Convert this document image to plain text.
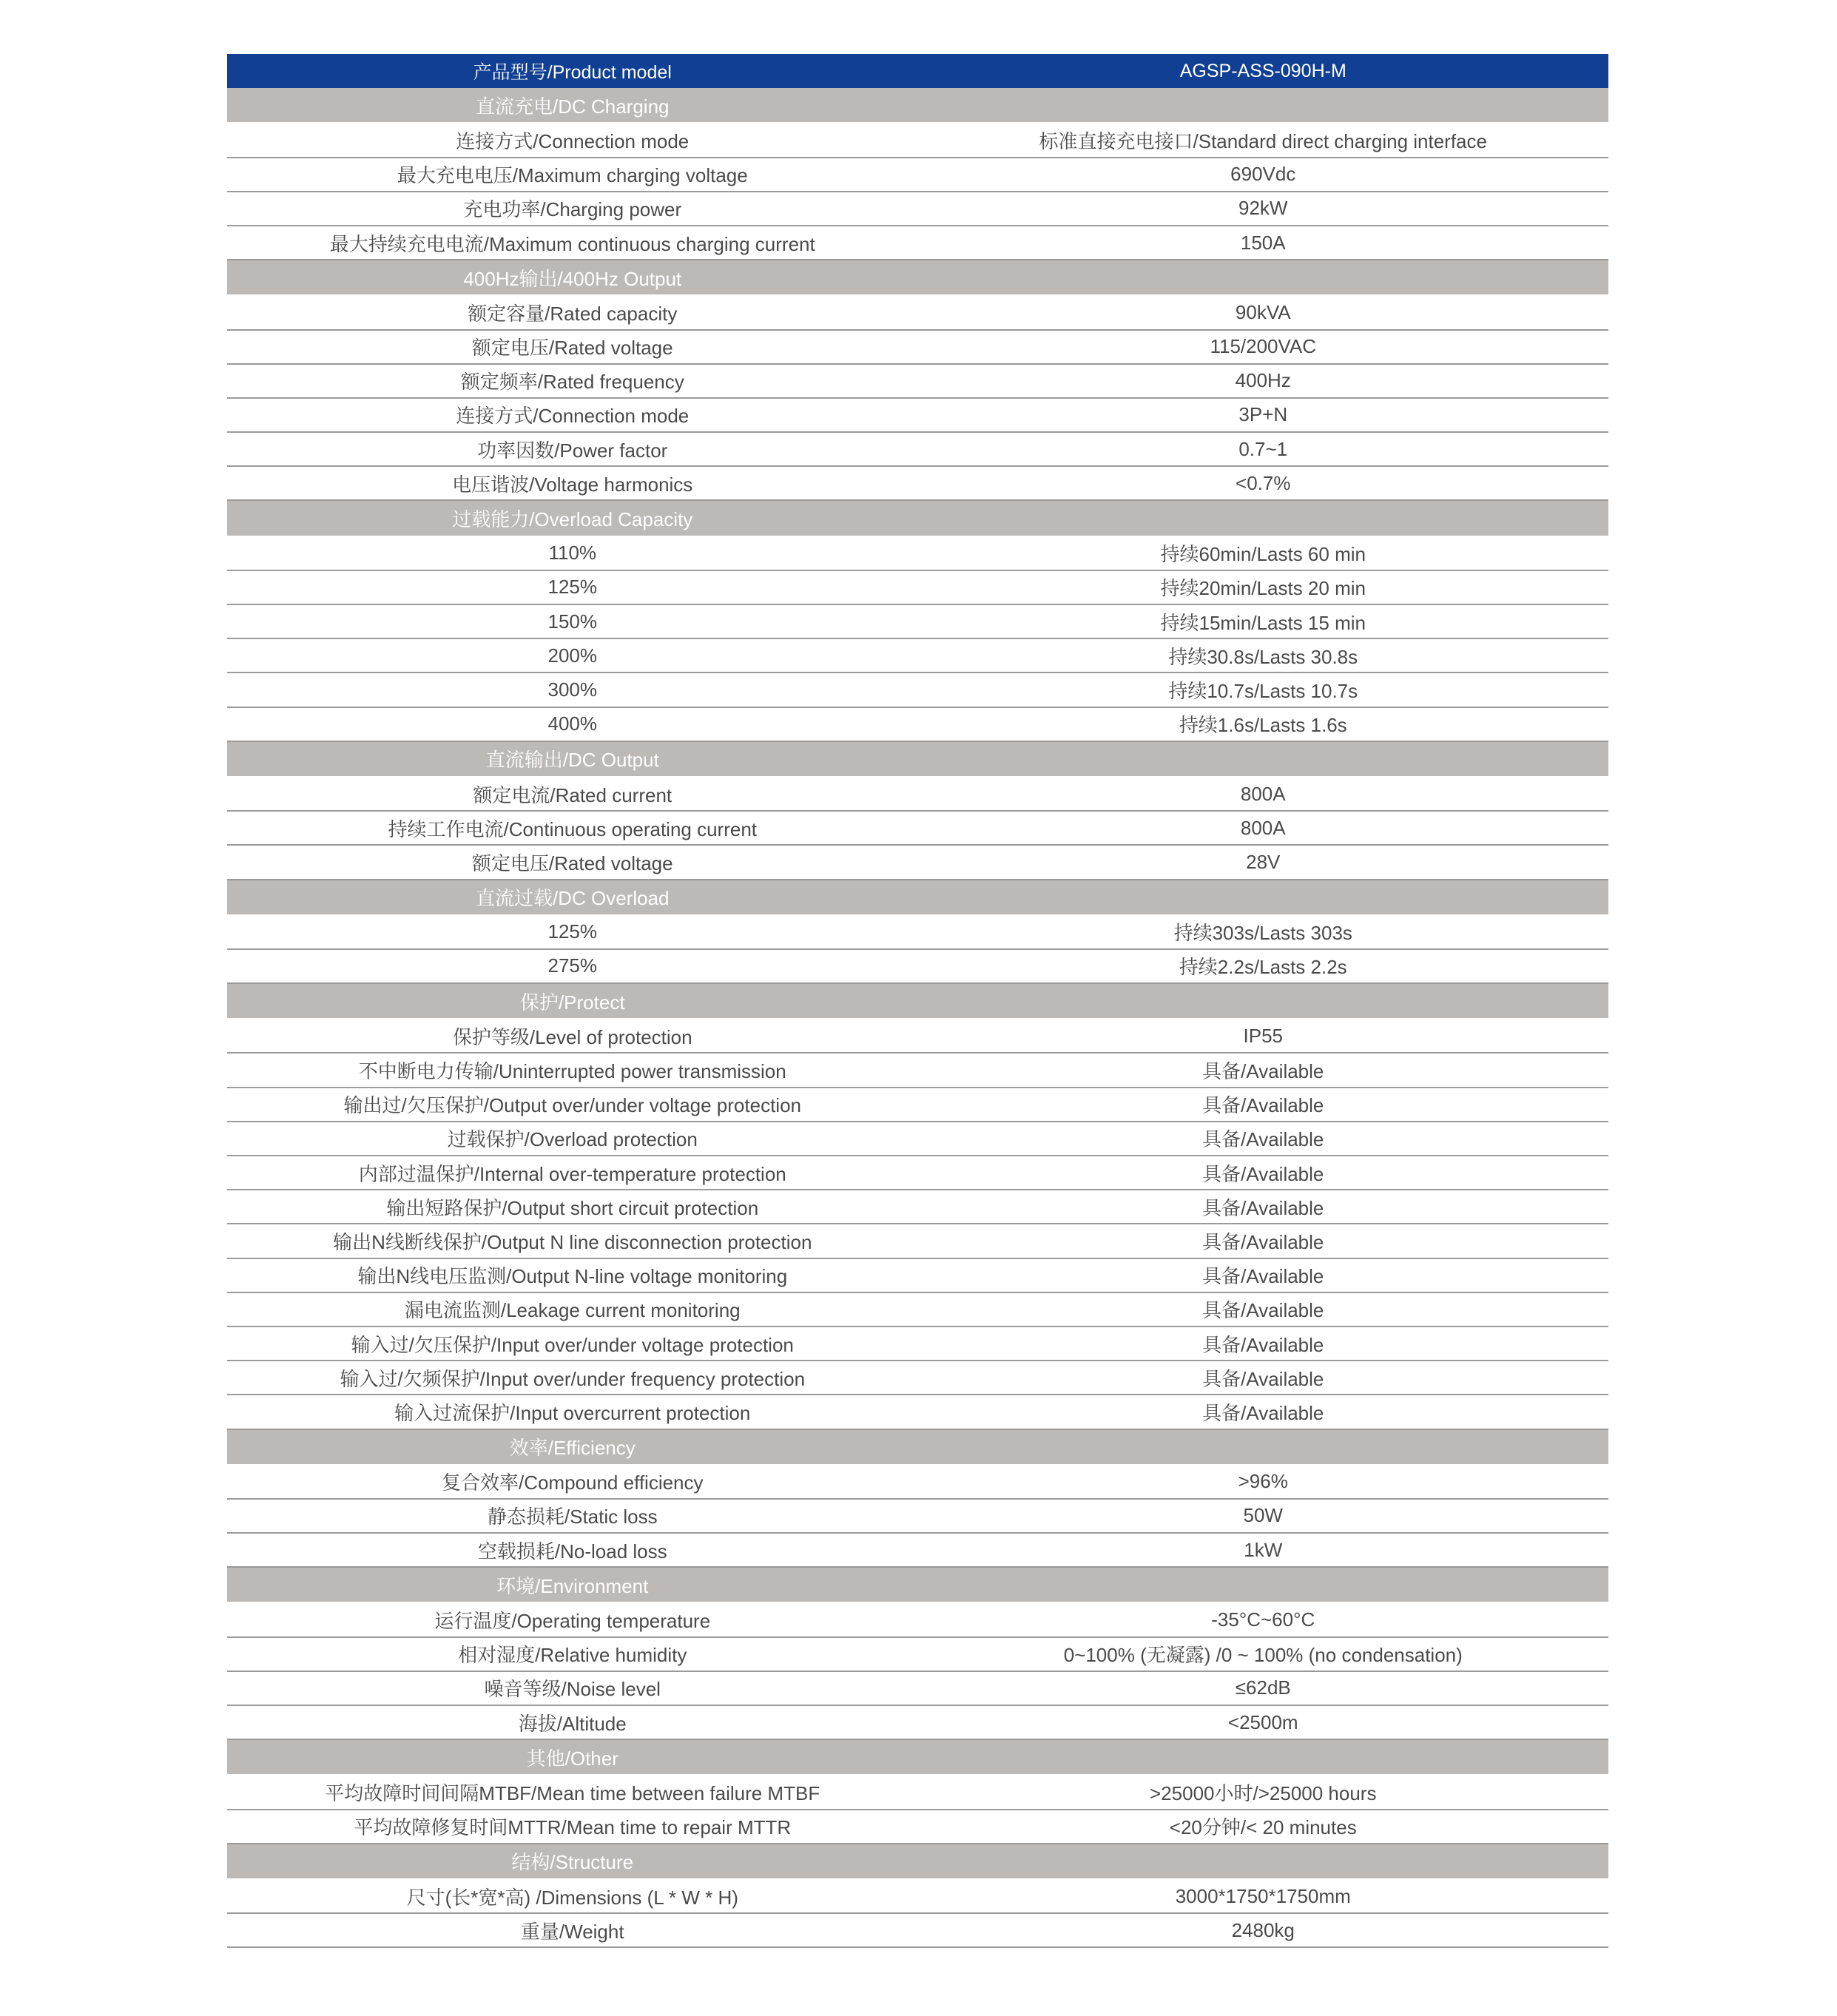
产品型号/Product model	AGSP-ASS-090H-M
直流充电/DC Charging
连接方式/Connection mode	标准直接充电接口/Standard direct charging interface
最大充电电压/Maximum charging voltage	690Vdc
充电功率/Charging power	92kW
最大持续充电电流/Maximum continuous charging current	150A
400Hz输出/400Hz Output
额定容量/Rated capacity	90kVA
额定电压/Rated voltage	115/200VAC
额定频率/Rated frequency	400Hz
连接方式/Connection mode	3P+N
功率因数/Power factor	0.7~1
电压谐波/Voltage harmonics	<0.7%
过载能力/Overload Capacity
110%	持续60min/Lasts 60 min
125%	持续20min/Lasts 20 min
150%	持续15min/Lasts 15 min
200%	持续30.8s/Lasts 30.8s
300%	持续10.7s/Lasts 10.7s
400%	持续1.6s/Lasts 1.6s
直流输出/DC Output
额定电流/Rated current	800A
持续工作电流/Continuous operating current	800A
额定电压/Rated voltage	28V
直流过载/DC Overload
125%	持续303s/Lasts 303s
275%	持续2.2s/Lasts 2.2s
保护/Protect
保护等级/Level of protection	IP55
不中断电力传输/Uninterrupted power transmission	具备/Available
输出过/欠压保护/Output over/under voltage protection	具备/Available
过载保护/Overload protection	具备/Available
内部过温保护/Internal over-temperature protection	具备/Available
输出短路保护/Output short circuit protection	具备/Available
输出N线断线保护/Output N line disconnection protection	具备/Available
输出N线电压监测/Output N-line voltage monitoring	具备/Available
漏电流监测/Leakage current monitoring	具备/Available
输入过/欠压保护/Input over/under voltage protection	具备/Available
输入过/欠频保护/Input over/under frequency protection	具备/Available
输入过流保护/Input overcurrent protection	具备/Available
效率/Efficiency
复合效率/Compound efficiency	>96%
静态损耗/Static loss	50W
空载损耗/No-load loss	1kW
环境/Environment
运行温度/Operating temperature	-35°C~60°C
相对湿度/Relative humidity	0~100% (无凝露) /0 ~ 100% (no condensation)
噪音等级/Noise level	≤62dB
海拔/Altitude	<2500m
其他/Other
平均故障时间间隔MTBF/Mean time between failure MTBF	>25000小时/>25000 hours
平均故障修复时间MTTR/Mean time to repair MTTR	<20分钟/< 20 minutes
结构/Structure
尺寸(长*宽*高) /Dimensions (L * W * H)	3000*1750*1750mm
重量/Weight	2480kg
